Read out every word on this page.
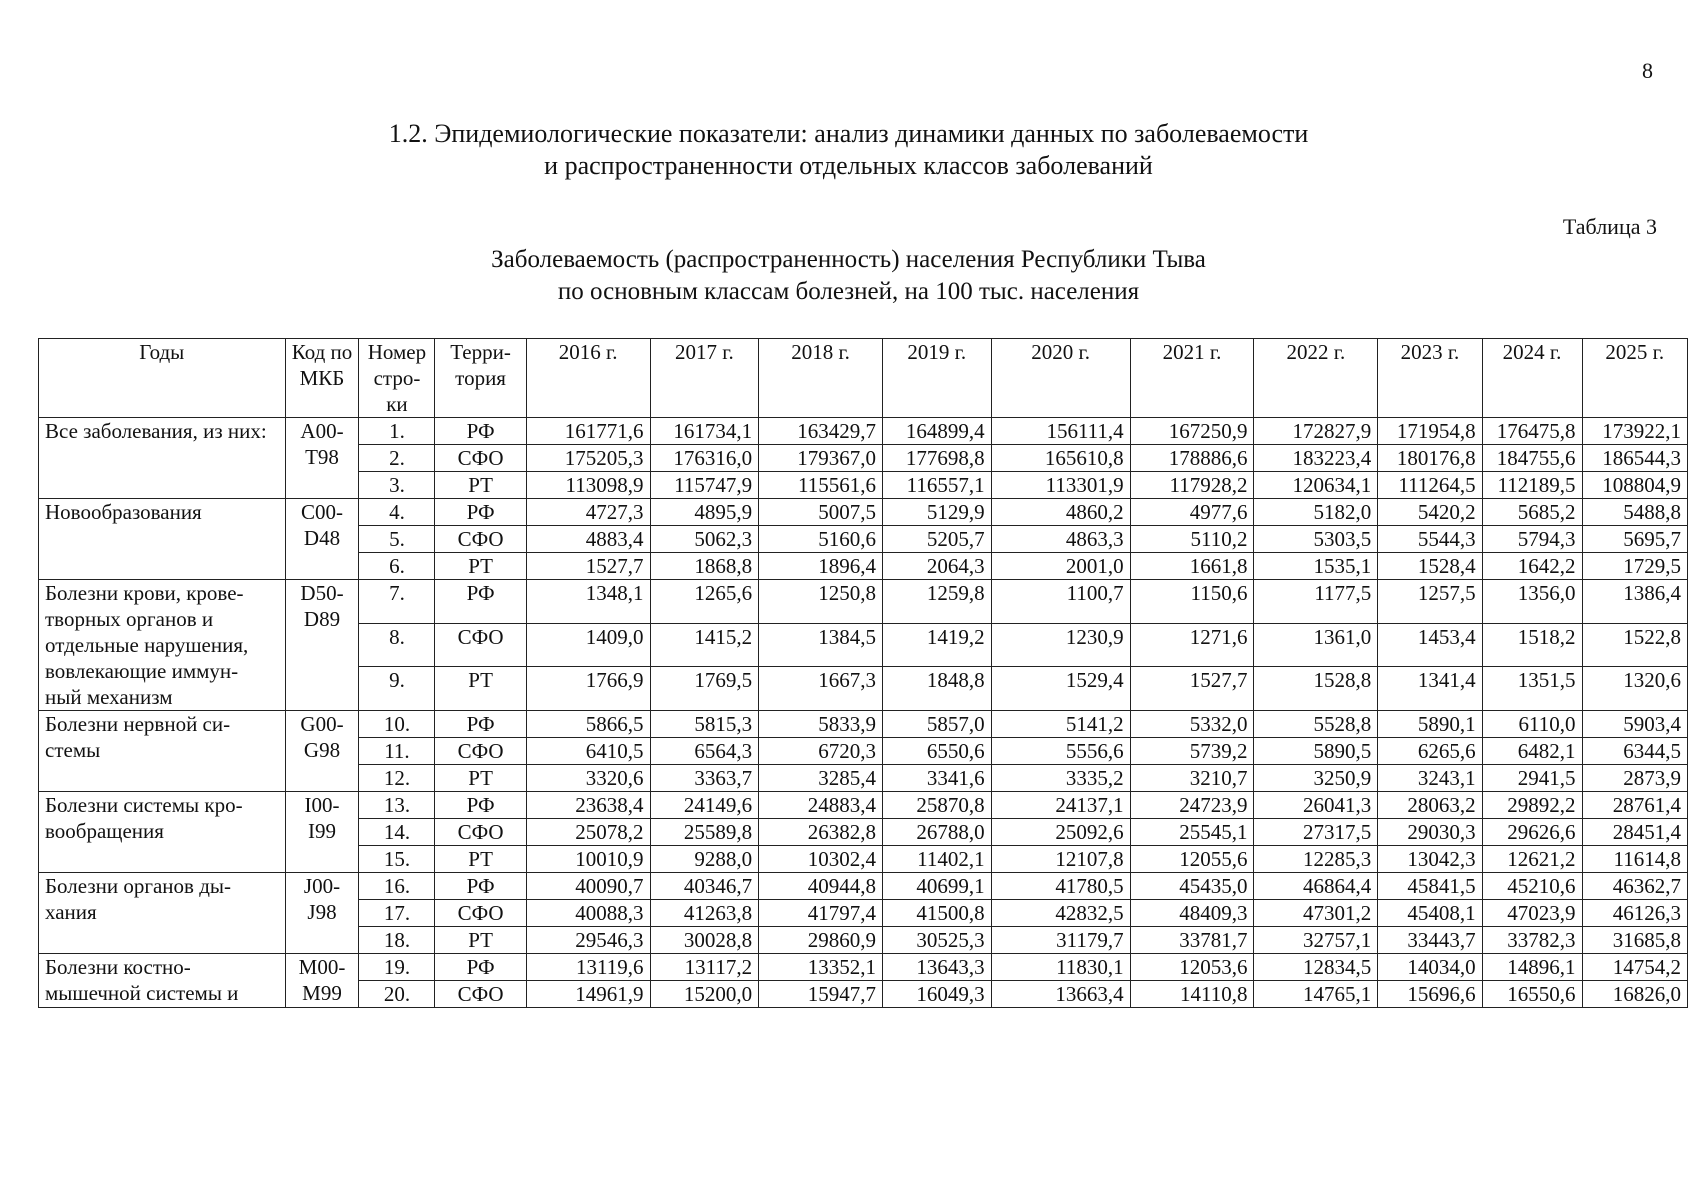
8
1.2. Эпидемиологические показатели: анализ динамики данных по заболеваемости
и распространенности отдельных классов заболеваний
Таблица 3
Заболеваемость (распространенность) населения Республики Тыва
по основным классам болезней, на 100 тыс. населения
Годы	Код по МКБ	Номер стро- ки	Терри- тория	2016 г.	2017 г.	2018 г.	2019 г.	2020 г.	2021 г.	2022 г.	2023 г.	2024 г.	2025 г.
Все заболевания, из них:	A00- T98	1.	РФ	161771,6	161734,1	163429,7	164899,4	156111,4	167250,9	172827,9	171954,8	176475,8	173922,1
		2.	СФО	175205,3	176316,0	179367,0	177698,8	165610,8	178886,6	183223,4	180176,8	184755,6	186544,3
		3.	РТ	113098,9	115747,9	115561,6	116557,1	113301,9	117928,2	120634,1	111264,5	112189,5	108804,9
Новообразования	C00- D48	4.	РФ	4727,3	4895,9	5007,5	5129,9	4860,2	4977,6	5182,0	5420,2	5685,2	5488,8
		5.	СФО	4883,4	5062,3	5160,6	5205,7	4863,3	5110,2	5303,5	5544,3	5794,3	5695,7
		6.	РТ	1527,7	1868,8	1896,4	2064,3	2001,0	1661,8	1535,1	1528,4	1642,2	1729,5
Болезни крови, крове- творных органов и отдельные нарушения, вовлекающие иммун- ный механизм	D50- D89	7.	РФ	1348,1	1265,6	1250,8	1259,8	1100,7	1150,6	1177,5	1257,5	1356,0	1386,4
		8.	СФО	1409,0	1415,2	1384,5	1419,2	1230,9	1271,6	1361,0	1453,4	1518,2	1522,8
		9.	РТ	1766,9	1769,5	1667,3	1848,8	1529,4	1527,7	1528,8	1341,4	1351,5	1320,6
Болезни нервной си- стемы	G00- G98	10.	РФ	5866,5	5815,3	5833,9	5857,0	5141,2	5332,0	5528,8	5890,1	6110,0	5903,4
		11.	СФО	6410,5	6564,3	6720,3	6550,6	5556,6	5739,2	5890,5	6265,6	6482,1	6344,5
		12.	РТ	3320,6	3363,7	3285,4	3341,6	3335,2	3210,7	3250,9	3243,1	2941,5	2873,9
Болезни системы кро- вообращения	I00- I99	13.	РФ	23638,4	24149,6	24883,4	25870,8	24137,1	24723,9	26041,3	28063,2	29892,2	28761,4
		14.	СФО	25078,2	25589,8	26382,8	26788,0	25092,6	25545,1	27317,5	29030,3	29626,6	28451,4
		15.	РТ	10010,9	9288,0	10302,4	11402,1	12107,8	12055,6	12285,3	13042,3	12621,2	11614,8
Болезни органов ды- хания	J00- J98	16.	РФ	40090,7	40346,7	40944,8	40699,1	41780,5	45435,0	46864,4	45841,5	45210,6	46362,7
		17.	СФО	40088,3	41263,8	41797,4	41500,8	42832,5	48409,3	47301,2	45408,1	47023,9	46126,3
		18.	РТ	29546,3	30028,8	29860,9	30525,3	31179,7	33781,7	32757,1	33443,7	33782,3	31685,8
Болезни костно- мышечной системы и	M00- M99	19.	РФ	13119,6	13117,2	13352,1	13643,3	11830,1	12053,6	12834,5	14034,0	14896,1	14754,2
		20.	СФО	14961,9	15200,0	15947,7	16049,3	13663,4	14110,8	14765,1	15696,6	16550,6	16826,0
